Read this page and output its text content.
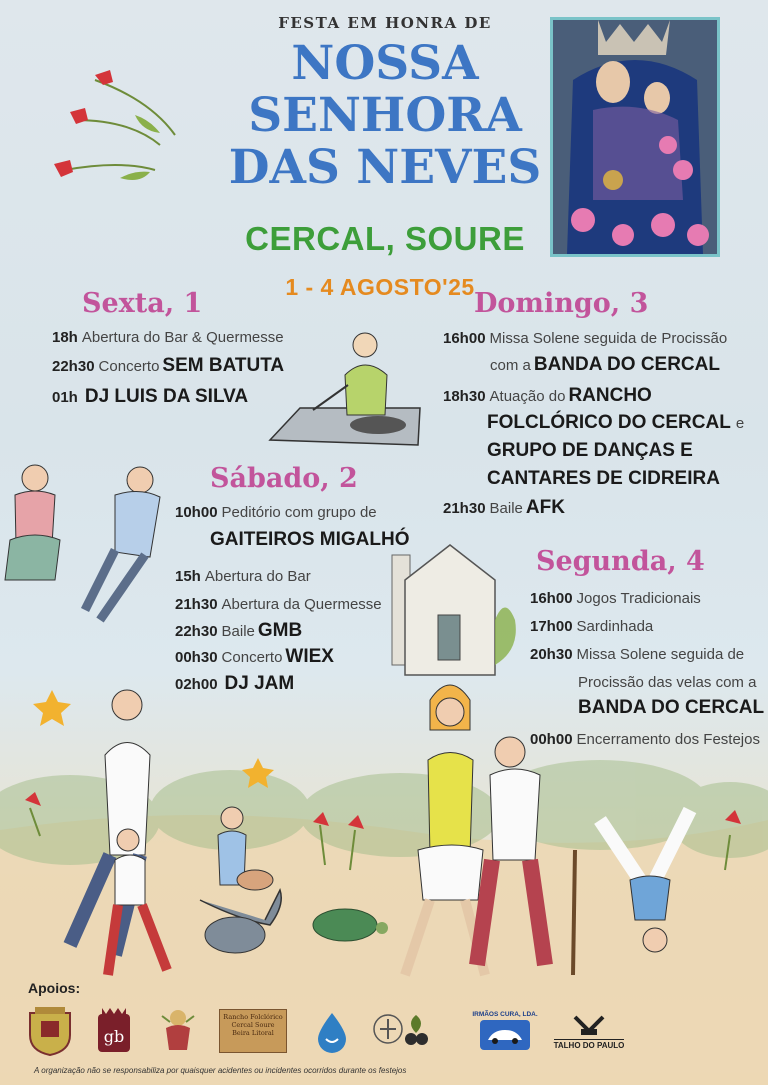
FESTA EM HONRA DE
NOSSA
SENHORA
DAS NEVES
CERCAL, SOURE
1 - 4 AGOSTO'25
Sexta, 1
18h Abertura do Bar & Quermesse
22h30 Concerto SEM BATUTA
01h DJ LUIS DA SILVA
Sábado, 2
10h00 Peditório com grupo de
GAITEIROS MIGALHÓ
15h Abertura do Bar
21h30 Abertura da Quermesse
22h30 Baile GMB
00h30 Concerto WIEX
02h00 DJ JAM
Domingo, 3
16h00 Missa Solene seguida de Procissão
com a BANDA DO CERCAL
18h30 Atuação do RANCHO
FOLCLÓRICO DO CERCAL e
GRUPO DE DANÇAS E
CANTARES DE CIDREIRA
21h30 Baile AFK
Segunda, 4
16h00 Jogos Tradicionais
17h00 Sardinhada
20h30 Missa Solene seguida de
Procissão das velas com a
BANDA DO CERCAL
00h00 Encerramento dos Festejos
Apoios:
gb
Rancho Folclórico Cercal Soure Beira Litoral
IRMÃOS CURA, LDA.
TALHO DO PAULO
A organização não se responsabiliza por quaisquer acidentes ou incidentes ocorridos durante os festejos
